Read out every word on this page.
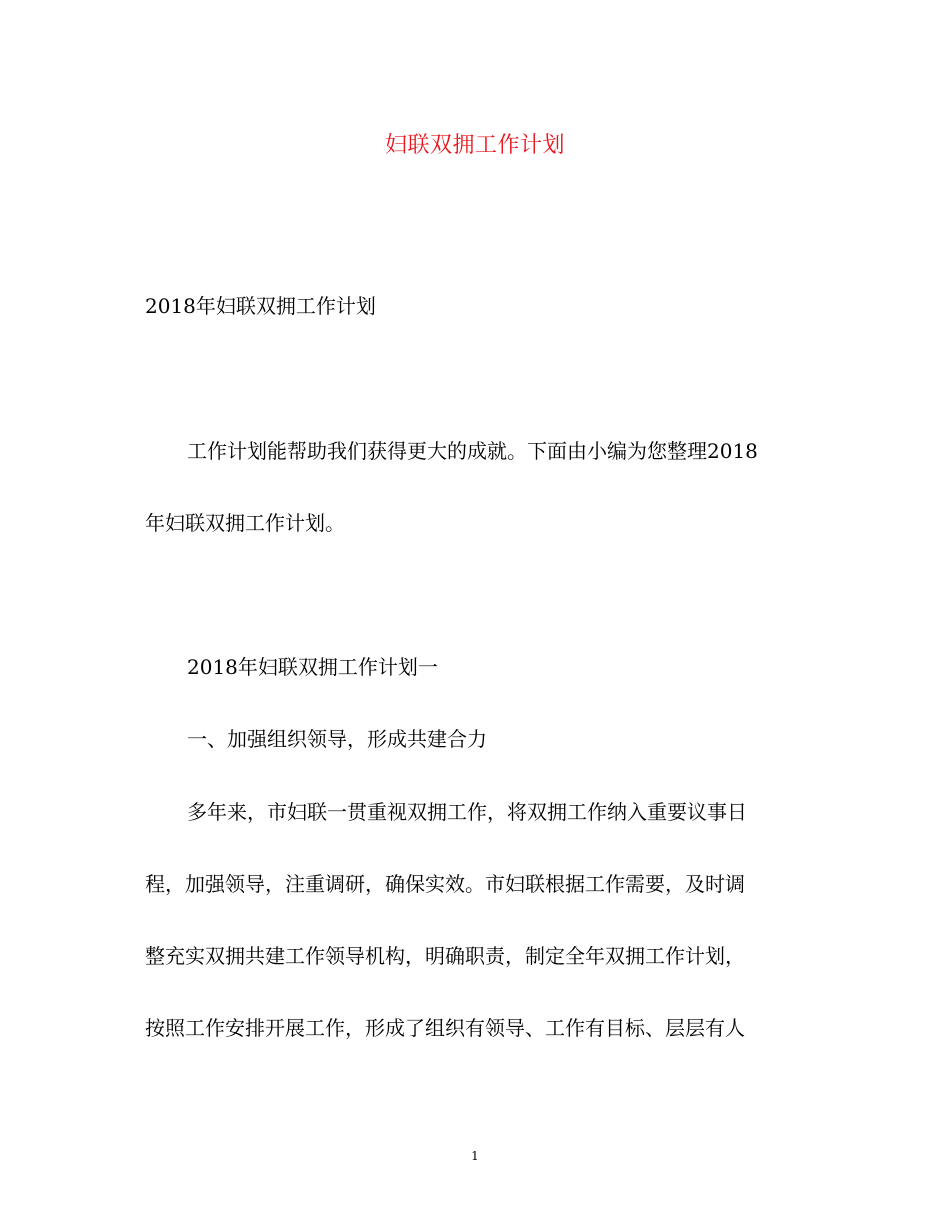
妇联双拥工作计划
2018年妇联双拥工作计划
工作计划能帮助我们获得更大的成就。下面由小编为您整理2018
年妇联双拥工作计划。
2018年妇联双拥工作计划一
一、加强组织领导，形成共建合力
多年来，市妇联一贯重视双拥工作，将双拥工作纳入重要议事日
程，加强领导，注重调研，确保实效。市妇联根据工作需要，及时调
整充实双拥共建工作领导机构，明确职责，制定全年双拥工作计划，
按照工作安排开展工作，形成了组织有领导、工作有目标、层层有人
1
